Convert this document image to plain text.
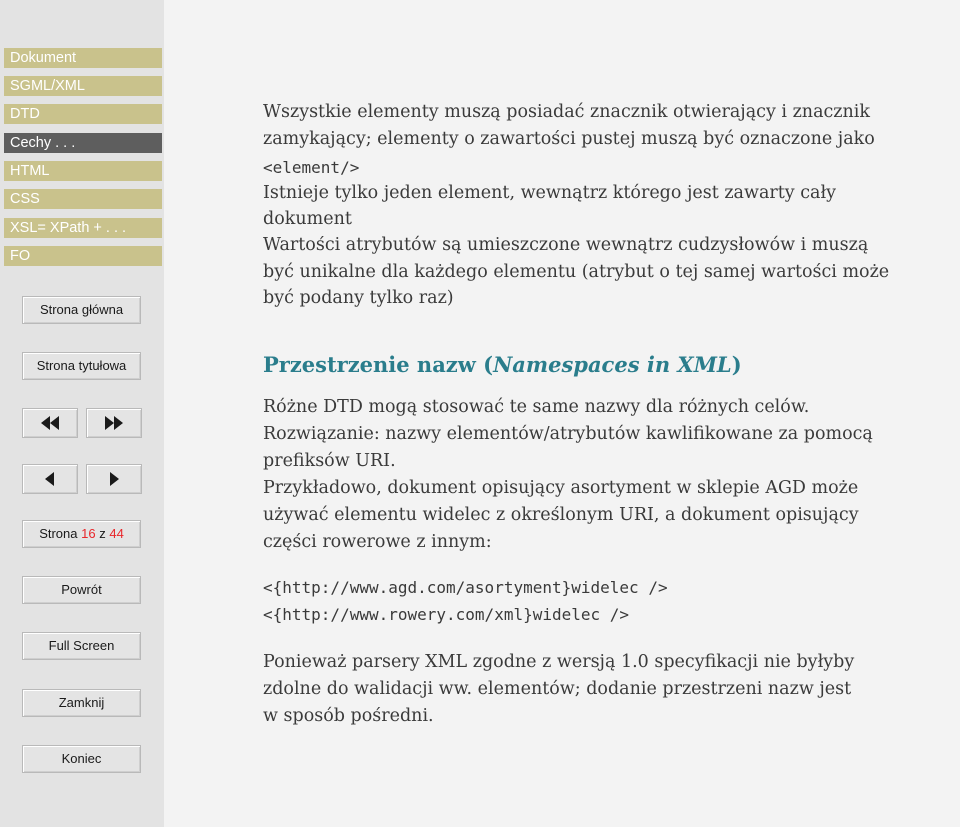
Dokument
SGML/XML
DTD
Cechy . . .
HTML
CSS
XSL= XPath + . . .
FO
Strona główna
Strona tytułowa
Strona 16 z 44
Powrót
Full Screen
Zamknij
Koniec
Wszystkie elementy muszą posiadać znacznik otwierający i znacznik
zamykający; elementy o zawartości pustej muszą być oznaczone jako
<element/>
Istnieje tylko jeden element, wewnątrz którego jest zawarty cały
dokument
Wartości atrybutów są umieszczone wewnątrz cudzysłowów i muszą
być unikalne dla każdego elementu (atrybut o tej samej wartości może
być podany tylko raz)
Przestrzenie nazw (Namespaces in XML)
Różne DTD mogą stosować te same nazwy dla różnych celów.
Rozwiązanie: nazwy elementów/atrybutów kawlifikowane za pomocą
prefiksów URI.
Przykładowo, dokument opisujący asortyment w sklepie AGD może
używać elementu widelec z określonym URI, a dokument opisujący
części rowerowe z innym:
<{http://www.agd.com/asortyment}widelec />
<{http://www.rowery.com/xml}widelec />
Ponieważ parsery XML zgodne z wersją 1.0 specyfikacji nie byłyby
zdolne do walidacji ww. elementów; dodanie przestrzeni nazw jest
w sposób pośredni.
